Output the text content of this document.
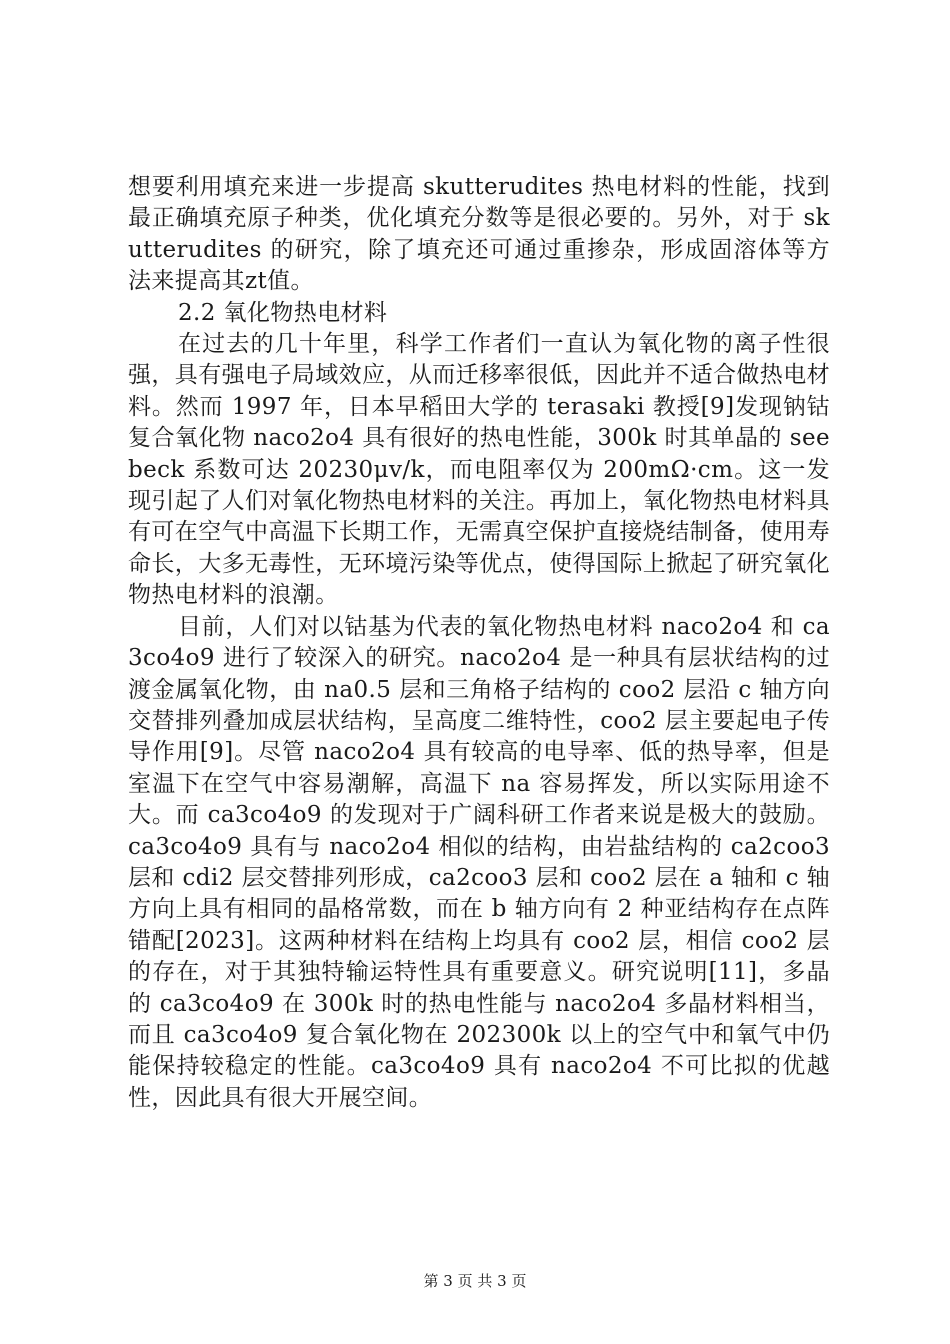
想要利用填充来进一步提高 skutterudites 热电材料的性能，找到最正确填充原子种类，优化填充分数等是很必要的。另外，对于 skutterudites 的研究，除了填充还可通过重掺杂，形成固溶体等方法来提高其zt值。

2.2 氧化物热电材料

在过去的几十年里，科学工作者们一直认为氧化物的离子性很强，具有强电子局域效应，从而迁移率很低，因此并不适合做热电材料。然而 1997 年，日本早稻田大学的 terasaki 教授[9]发现钠钴复合氧化物 naco2o4 具有很好的热电性能，300k 时其单晶的 seebeck 系数可达 20230μv/k，而电阻率仅为 200mΩ·cm。这一发现引起了人们对氧化物热电材料的关注。再加上，氧化物热电材料具有可在空气中高温下长期工作，无需真空保护直接烧结制备，使用寿命长，大多无毒性，无环境污染等优点，使得国际上掀起了研究氧化物热电材料的浪潮。

目前，人们对以钴基为代表的氧化物热电材料 naco2o4 和 ca3co4o9 进行了较深入的研究。naco2o4 是一种具有层状结构的过渡金属氧化物，由 na0.5 层和三角格子结构的 coo2 层沿 c 轴方向交替排列叠加成层状结构，呈高度二维特性，coo2 层主要起电子传导作用[9]。尽管 naco2o4 具有较高的电导率、低的热导率，但是室温下在空气中容易潮解，高温下 na 容易挥发，所以实际用途不大。而 ca3co4o9 的发现对于广阔科研工作者来说是极大的鼓励。ca3co4o9 具有与 naco2o4 相似的结构，由岩盐结构的 ca2coo3 层和 cdi2 层交替排列形成，ca2coo3 层和 coo2 层在 a 轴和 c 轴方向上具有相同的晶格常数，而在 b 轴方向有 2 种亚结构存在点阵错配[2023]。这两种材料在结构上均具有 coo2 层，相信 coo2 层的存在，对于其独特输运特性具有重要意义。研究说明[11]，多晶的 ca3co4o9 在 300k 时的热电性能与 naco2o4 多晶材料相当，而且 ca3co4o9 复合氧化物在 202300k 以上的空气中和氧气中仍能保持较稳定的性能。ca3co4o9 具有 naco2o4 不可比拟的优越性，因此具有很大开展空间。

第 3 页 共 3 页
